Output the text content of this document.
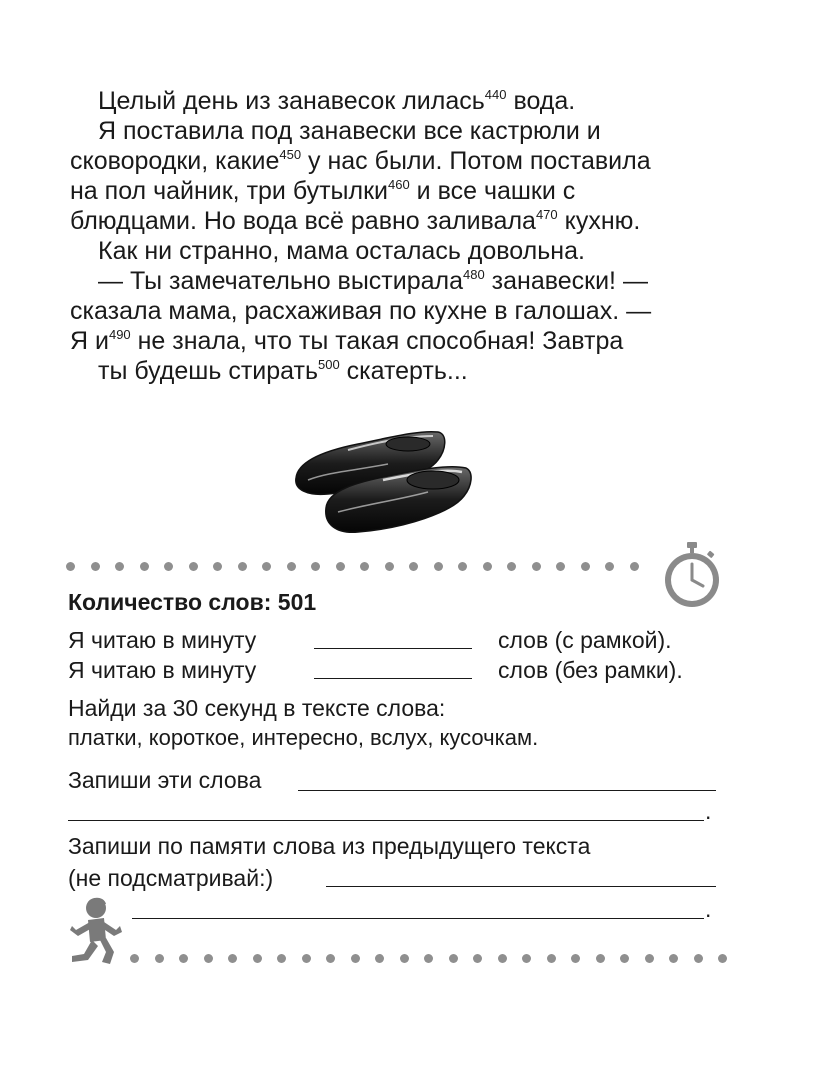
Целый день из занавесок лилась$^{440}$ вода.

Я поставила под занавески все кастрюли и

сковородки, какие$^{450}$ у нас были. Потом поставила

на пол чайник, три бутылки$^{460}$ и все чашки с

блюдцами. Но вода всё равно заливала$^{470}$ кухню.

Как ни странно, мама осталась довольна.

— Ты замечательно выстирала$^{480}$ занавески! —

сказала мама, расхаживая по кухне в галошах. —

Я $и^{490}$ не знала, что ты такая способная! Завтра

ты будешь стирать$^{500}$ скатерть...

Количество слов: 501
Я читаю в минуту	слов (с рамкой).
Я читаю в минуту	слов (без рамки).
Найди за 30 секунд в тексте слова:
платки, короткое, интересно, вслух, кусочкам.
Запиши эти слова
.
Запиши по памяти слова из предыдущего текста
(не подсматривай:)
.
